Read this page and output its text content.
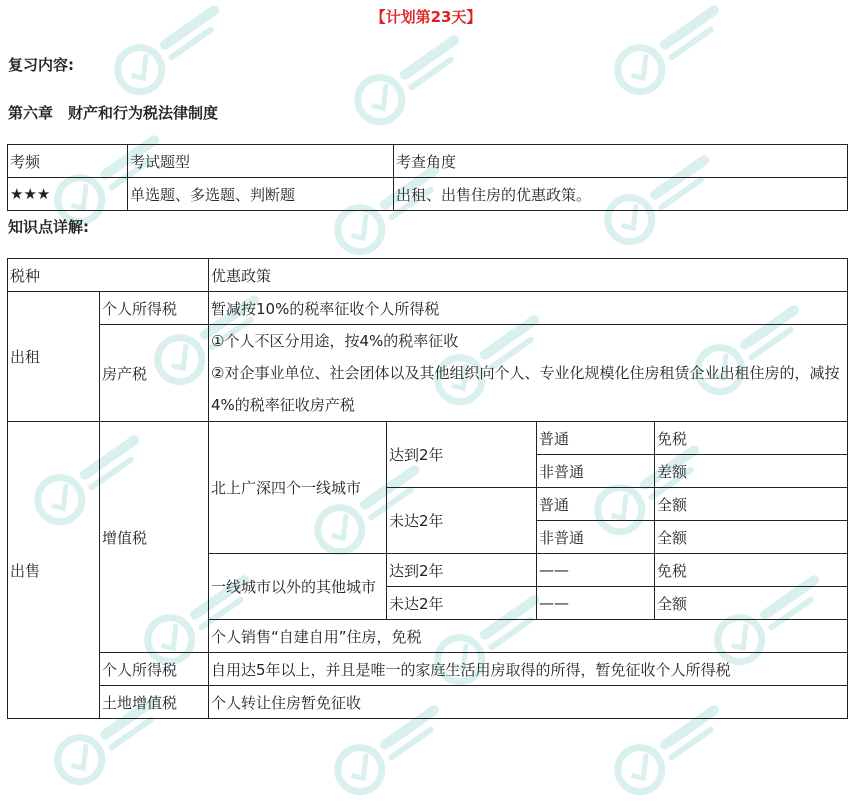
【计划第23天】
复习内容:
第六章　财产和行为税法律制度
考频	考试题型	考查角度
★★★	单选题、多选题、判断题	出租、出售住房的优惠政策。
知识点详解:
税种		优惠政策			
出租	个人所得税	暂减按10%的税率征收个人所得税			
	房产税	①个人不区分用途，按4%的税率征收
②对企事业单位、社会团体以及其他组织向个人、专业化规模化住房租赁企业出租住房的，减按4%的税率征收房产税			

出售	增值税	北上广深四个一线城市	达到2年	普通	免税
				非普通	差额
			未达2年	普通	全额
				非普通	全额
		一线城市以外的其他城市	达到2年	——	免税
			未达2年	——	全额
		个人销售“自建自用”住房，免税			
	个人所得税	自用达5年以上，并且是唯一的家庭生活用房取得的所得，暂免征收个人所得税			
	土地增值税	个人转让住房暂免征收			
